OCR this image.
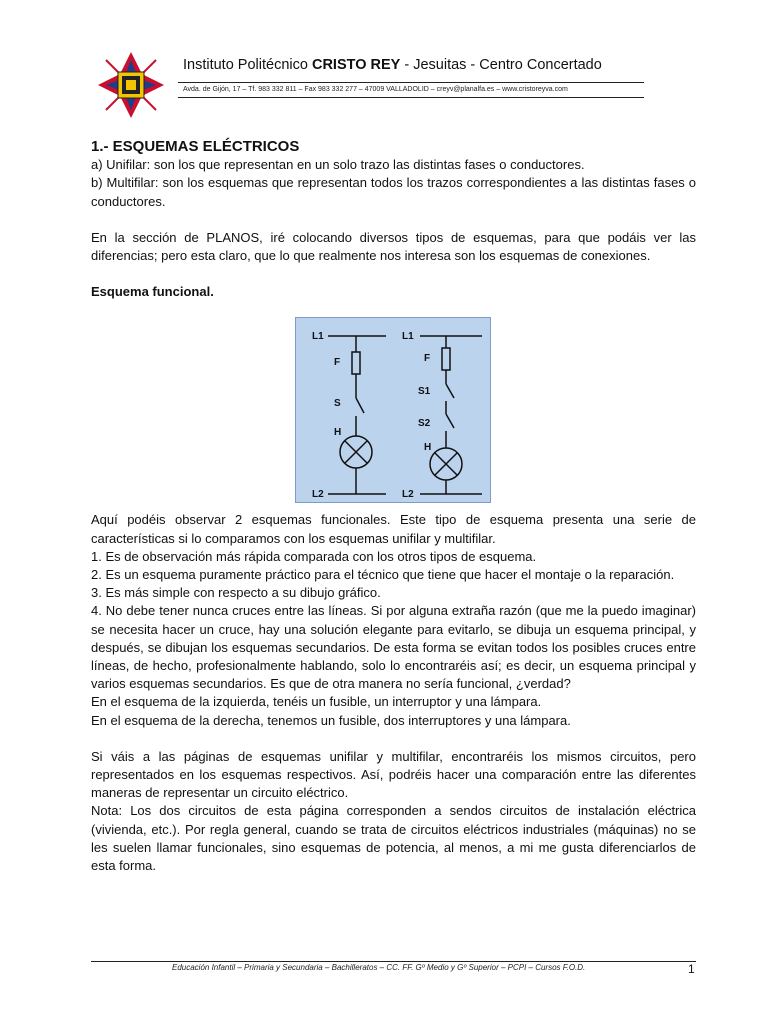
Instituto Politécnico CRISTO REY - Jesuitas - Centro Concertado
Avda. de Gijón, 17 – Tf. 983 332 811 – Fax 983 332 277 – 47009 VALLADOLID – creyv@planalfa.es – www.cristoreyva.com

1.- ESQUEMAS ELÉCTRICOS

a) Unifilar: son los que representan en un solo trazo las distintas fases o conductores.

b) Multifilar: son los esquemas que representan todos los trazos correspondientes a las distintas fases o conductores.

En la sección de PLANOS, iré colocando diversos tipos de esquemas, para que podáis ver las diferencias; pero esta claro, que lo que realmente nos interesa son los esquemas de conexiones.

Esquema funcional.

L1
F
S
H
L2
L1
F
S1
S2
H
L2

Aquí podéis observar 2 esquemas funcionales. Este tipo de esquema presenta una serie de características si lo comparamos con los esquemas unifilar y multifilar.

1. Es de observación más rápida comparada con los otros tipos de esquema.

2. Es un esquema puramente práctico para el técnico que tiene que hacer el montaje o la reparación.

3. Es más simple con respecto a su dibujo gráfico.

4. No debe tener nunca cruces entre las líneas. Si por alguna extraña razón (que me la puedo imaginar) se necesita hacer un cruce, hay una solución elegante para evitarlo, se dibuja un esquema principal, y después, se dibujan los esquemas secundarios. De esta forma se evitan todos los posibles cruces entre líneas, de hecho, profesionalmente hablando, solo lo encontraréis así; es decir, un esquema principal y varios esquemas secundarios. Es que de otra manera no sería funcional, ¿verdad?

En el esquema de la izquierda, tenéis un fusible, un interruptor y una lámpara.

En el esquema de la derecha, tenemos un fusible, dos interruptores y una lámpara.

Si váis a las páginas de esquemas unifilar y multifilar, encontraréis los mismos circuitos, pero representados en los esquemas respectivos. Así, podréis hacer una comparación entre las diferentes maneras de representar un circuito eléctrico.

Nota: Los dos circuitos de esta página corresponden a sendos circuitos de instalación eléctrica (vivienda, etc.). Por regla general, cuando se trata de circuitos eléctricos industriales (máquinas) no se les suelen llamar funcionales, sino esquemas de potencia, al menos, a mi me gusta diferenciarlos de esta forma.

Educación Infantil – Primaria y Secundaria – Bachilleratos – CC. FF. Gº Medio y Gº Superior – PCPI – Cursos F.O.D.	1
